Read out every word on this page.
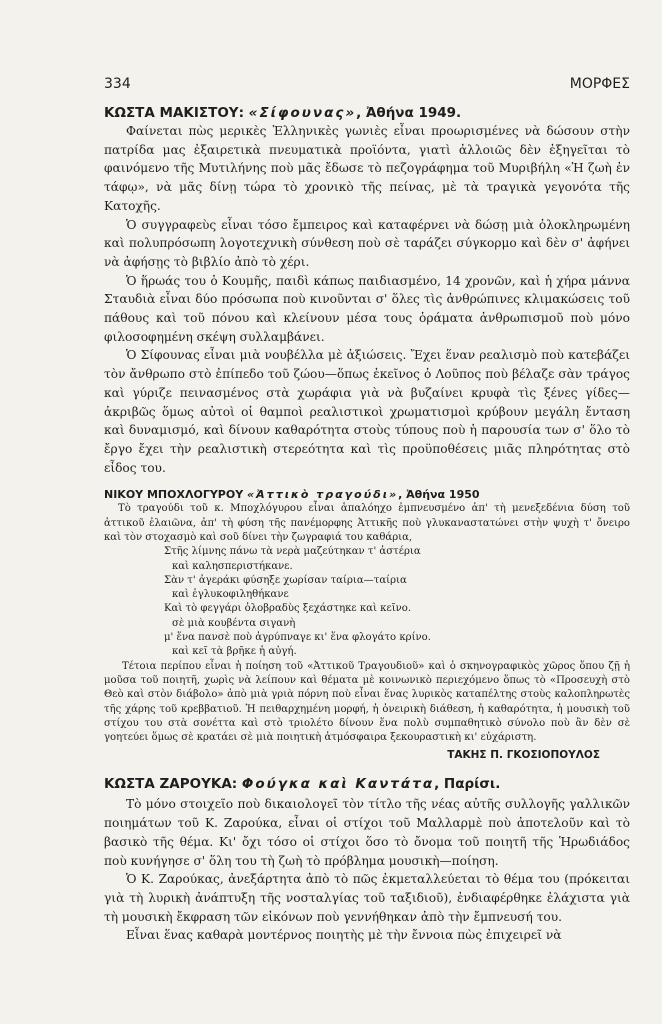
334	ΜΟΡΦΕΣ
ΚΩΣΤΑ ΜΑΚΙΣΤΟΥ: «Σίφουνας», Ἀθήνα 1949.

Φαίνεται πὼς μερικὲς Ἑλληνικὲς γωνιὲς εἶναι προωρισμένες νὰ δώσουν στὴν πατρίδα μας ἐξαιρετικὰ πνευματικὰ προϊόντα, γιατὶ ἀλλοιῶς δὲν ἐξηγεῖται τὸ φαινόμενο τῆς Μυτιλήνης ποὺ μᾶς ἔδωσε τὸ πεζογράφημα τοῦ Μυριβήλη «Ἡ ζωὴ ἐν τάφῳ», νὰ μᾶς δίνῃ τώρα τὸ χρονικὸ τῆς πείνας, μὲ τὰ τραγικὰ γεγονότα τῆς Κατοχῆς.

Ὁ συγγραφεὺς εἶναι τόσο ἔμπειρος καὶ καταφέρνει νὰ δώσῃ μιὰ ὁλοκληρωμένη καὶ πολυπρόσωπη λογοτεχνικὴ σύνθεση ποὺ σὲ ταράζει σύγκορμο καὶ δὲν σ' ἀφήνει νὰ ἀφήσῃς τὸ βιβλίο ἀπὸ τὸ χέρι.

Ὁ ἥρωάς του ὁ Κουμῆς, παιδὶ κάπως παιδιασμένο, 14 χρονῶν, καὶ ἡ χήρα μάννα Σταυδιὰ εἶναι δύο πρόσωπα ποὺ κινοῦνται σ' ὅλες τὶς ἀνθρώπινες κλιμακώσεις τοῦ πάθους καὶ τοῦ πόνου καὶ κλείνουν μέσα τους ὁράματα ἀνθρωπισμοῦ ποὺ μόνο φιλοσοφημένη σκέψη συλλαμβάνει.

Ὁ Σίφουνας εἶναι μιὰ νουβέλλα μὲ ἀξιώσεις. Ἔχει ἕναν ρεαλισμὸ ποὺ κατεβάζει τὸν ἄνθρωπο στὸ ἐπίπεδο τοῦ ζώου—ὅπως ἐκεῖνος ὁ Λοῦπος ποὺ βέλαζε σὰν τράγος καὶ γύριζε πεινασμένος στὰ χωράφια γιὰ νὰ βυζαίνει κρυφὰ τὶς ξένες γίδες—ἀκριβῶς ὅμως αὐτοὶ οἱ θαμποὶ ρεαλιστικοὶ χρωματισμοὶ κρύβουν μεγάλη ἔνταση καὶ δυναμισμό, καὶ δίνουν καθαρότητα στοὺς τύπους ποὺ ἡ παρουσία των σ' ὅλο τὸ ἔργο ἔχει τὴν ρεαλιστικὴ στερεότητα καὶ τὶς προϋποθέσεις μιᾶς πληρότητας στὸ εἶδος του.

ΝΙΚΟΥ ΜΠΟΧΛΟΓΥΡΟΥ «Ἀττικὸ τραγούδι», Ἀθήνα 1950

Τὸ τραγούδι τοῦ κ. Μποχλόγυρου εἶναι ἁπαλόηχο ἐμπνευσμένο ἀπ' τὴ μενεξεδένια δύση τοῦ ἀττικοῦ ἐλαιῶνα, ἀπ' τὴ φύση τῆς πανέμορφης Ἀττικῆς ποὺ γλυκαναστατώνει στὴν ψυχὴ τ' ὄνειρο καὶ τὸν στοχασμὸ καὶ σοῦ δίνει τὴν ζωγραφιά του καθάρια,

Στῆς λίμνης πάνω τὰ νερὰ μαζεύτηκαν τ' ἀστέρια
καὶ καλησπεριστήκανε.
Σὰν τ' ἀγεράκι φύσηξε χωρίσαν ταίρια—ταίρια
καὶ ἐγλυκοφιληθήκανε
Καὶ τὸ φεγγάρι ὁλοβραδὺς ξεχάστηκε καὶ κεῖνο.
σὲ μιὰ κουβέντα σιγανὴ
μ' ἕνα πανσὲ ποὺ ἀγρύπναγε κι' ἕνα φλογάτο κρίνο.
καὶ κεῖ τὰ βρῆκε ἡ αὐγή.

Τέτοια περίπου εἶναι ἡ ποίηση τοῦ «Ἀττικοῦ Τραγουδιοῦ» καὶ ὁ σκηνογραφικὸς χῶρος ὅπου ζῇ ἡ μοῦσα τοῦ ποιητῆ, χωρὶς νὰ λείπουν καὶ θέματα μὲ κοινωνικὸ περιεχόμενο ὅπως τὸ «Προσευχὴ στὸ Θεὸ καὶ στὸν διάβολο» ἀπὸ μιὰ γριὰ πόρνη ποὺ εἶναι ἕνας λυρικὸς καταπέλτης στοὺς καλοπληρωτὲς τῆς χάρης τοῦ κρεββατιοῦ. Ἡ πειθαρχημένη μορφή, ἡ ὀνειρικὴ διάθεση, ἡ καθαρότητα, ἡ μουσικὴ τοῦ στίχου του στὰ σονέττα καὶ στὸ τριολέτο δίνουν ἕνα πολὺ συμπαθητικὸ σύνολο ποὺ ἂν δὲν σὲ γοητεύει ὅμως σὲ κρατάει σὲ μιὰ ποιητικὴ ἀτμόσφαιρα ξεκουραστικὴ κι' εὐχάριστη.

ΤΑΚΗΣ Π. ΓΚΟΣΙΟΠΟΥΛΟΣ
ΚΩΣΤΑ ΖΑΡΟΥΚΑ: Φούγκα καὶ Καντάτα, Παρίσι.

Τὸ μόνο στοιχεῖο ποὺ δικαιολογεῖ τὸν τίτλο τῆς νέας αὐτῆς συλλογῆς γαλλικῶν ποιημάτων τοῦ Κ. Ζαρούκα, εἶναι οἱ στίχοι τοῦ Μαλλαρμὲ ποὺ ἀποτελοῦν καὶ τὸ βασικὸ τῆς θέμα. Κι' ὄχι τόσο οἱ στίχοι ὅσο τὸ ὄνομα τοῦ ποιητῆ τῆς Ἡρωδιάδος ποὺ κυνήγησε σ' ὅλη του τὴ ζωὴ τὸ πρόβλημα μουσικὴ—ποίηση.

Ὁ Κ. Ζαρούκας, ἀνεξάρτητα ἀπὸ τὸ πῶς ἐκμεταλλεύεται τὸ θέμα του (πρόκειται γιὰ τὴ λυρικὴ ἀνάπτυξη τῆς νοσταλγίας τοῦ ταξιδιοῦ), ἐνδιαφέρθηκε ἐλάχιστα γιὰ τὴ μουσικὴ ἔκφραση τῶν εἰκόνων ποὺ γεννήθηκαν ἀπὸ τὴν ἔμπνευσή του.

Εἶναι ἕνας καθαρὰ μοντέρνος ποιητὴς μὲ τὴν ἔννοια πὼς ἐπιχειρεῖ νὰ
